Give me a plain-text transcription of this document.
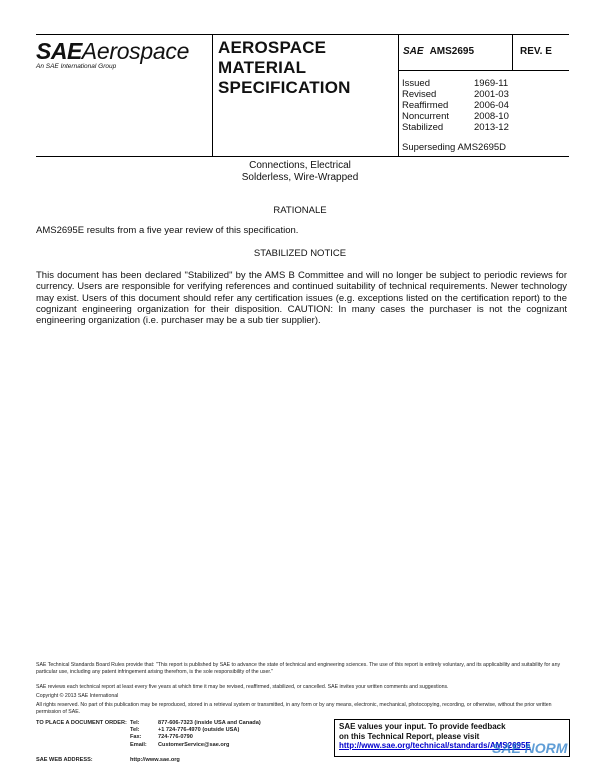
SAEAerospace
An SAE International Group
AEROSPACE
MATERIAL
SPECIFICATION
SAE AMS2695	REV. E
Issued	1969-11
Revised	2001-03
Reaffirmed	2006-04
Noncurrent	2008-10
Stabilized	2013-12
Superseding AMS2695D
Connections, Electrical
Solderless, Wire-Wrapped
RATIONALE
AMS2695E results from a five year review of this specification.
STABILIZED NOTICE
This document has been declared "Stabilized" by the AMS B Committee and will no longer be subject to periodic reviews for currency. Users are responsible for verifying references and continued suitability of technical requirements. Newer technology may exist. Users of this document should refer any certification issues (e.g. exceptions listed on the certification report) to the cognizant engineering organization for their disposition. CAUTION: In many cases the purchaser is not the cognizant engineering organization (i.e. purchaser may be a sub tier supplier).
SAE Technical Standards Board Rules provide that: "This report is published by SAE to advance the state of technical and engineering sciences. The use of this report is entirely voluntary, and its applicability and suitability for any particular use, including any patent infringement arising therefrom, is the sole responsibility of the user."
SAE reviews each technical report at least every five years at which time it may be revised, reaffirmed, stabilized, or cancelled. SAE invites your written comments and suggestions.
Copyright © 2013 SAE International
All rights reserved. No part of this publication may be reproduced, stored in a retrieval system or transmitted, in any form or by any means, electronic, mechanical, photocopying, recording, or otherwise, without the prior written permission of SAE.
TO PLACE A DOCUMENT ORDER: Tel:	877-606-7323 (inside USA and Canada)
Tel:	+1 724-776-4970 (outside USA)
Fax:	724-776-0790
Email:	CustomerService@sae.org
SAE WEB ADDRESS:	http://www.sae.org
SAE values your input. To provide feedback
on this Technical Report, please visit
http://www.sae.org/technical/standards/AMS2695E
SAE NORM
